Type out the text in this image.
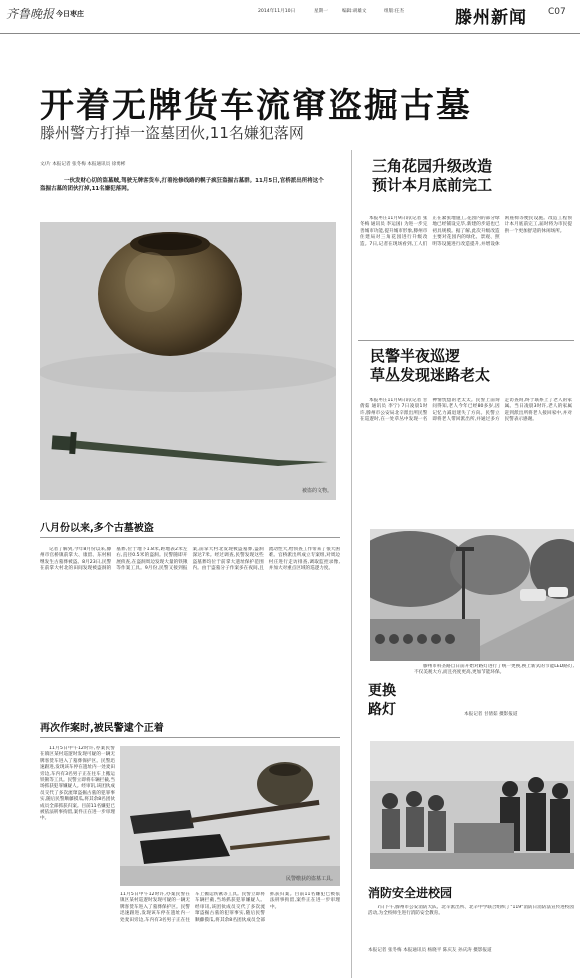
齐鲁晚报 今日枣庄	2014年11月10日	星期一	编辑:胡雄文	组版:任杰	滕州新闻 C07
开着无牌货车流窜盗掘古墓
滕州警方打掉一盗墓团伙,11名嫌犯落网
文/片 本报记者 张冬梅 本报通讯员 徐勇彬
一伙发财心切的盗墓贼,驾驶无牌客货车,打着抢修线路的幌子疯狂盗掘古墓群。11月5日,官桥派出所将这个盗掘古墓的团伙打掉,11名嫌犯落网。
被盗的文物。
八月份以来,多个古墓被盗
记者了解到,今年8月份以来,滕州市官桥镇前掌大、康留、东村相继发生古墓葬被盗。8月23日,民警在前掌大村北的田间发现被盗洞的墓葬,位于地下1.8米,距地表2米左右,直径0.5米的盗洞。民警随即开展侦查,在盗洞周边发现大量的铁锹等作案工具。9月份,民警又接到报案,前掌大村北发现被盗墓葬,盗洞深达7米。经过调查,民警发现这些盗墓葬均位于前掌大遗址保护范围内。由于盗墓分子作案多在夜间,且流动性大,给侦查工作带来了很大困难。官桥派出所成立专案组,对周边村庄进行走访排查,调取监控录像,并加大对重点区域的巡逻力度。
再次作案时,被民警逮个正着
11月5日中午12时许,办案民警在镇区某村巡逻时发现可疑的一辆无牌客货车进入了墓葬保护区。民警迅速跟进,发现该车停在遗址内一处麦田旁边,车内有3名男子正在往车上搬运铁锹等工具。民警立即将车辆拦截,当场抓获犯罪嫌疑人。经审讯,该团伙成员交代了多次流窜盗掘古墓的犯罪事实,随后民警顺藤摸瓜,将其余8名团伙成员全部抓获归案。目前11名嫌犯已被依法刑事拘留,案件正在进一步审理中。
民警缴获的盗墓工具。
11月5日中午12时许,办案民警在镇区某村巡逻时发现可疑的一辆无牌客货车进入了墓葬保护区。民警迅速跟进,发现该车停在遗址内一处麦田旁边,车内有3名男子正在往车上搬运铁锹等工具。民警立即将车辆拦截,当场抓获犯罪嫌疑人。经审讯,该团伙成员交代了多次流窜盗掘古墓的犯罪事实,随后民警顺藤摸瓜,将其余8名团伙成员全部抓获归案。目前11名嫌犯已被依法刑事拘留,案件正在进一步审理中。
三角花园升级改造
预计本月底前完工
本报枣庄11月9日讯(记者 张冬梅 通讯员 李运国) 为进一步完善城市功能,提升城市形象,滕州市住建局对三角花园进行升级改造。7日,记者在现场看到,工人们正在紧张地施工,花园内的部分绿地已经铺设完毕,新建的步道也已初具规模。据了解,此次升级改造主要对花园内的绿化、景观、照明等设施进行改造提升,并增设休闲座椅等便民设施。改造工程预计本月底前完工,届时将为市民提供一个更加舒适的休闲场所。
民警半夜巡逻
草丛发现迷路老太
本报枣庄11月9日讯(记者 甘倩茹 通讯员 李宁) 7日凌晨1时许,滕州市公安局北辛派出所民警在巡逻时,在一处草丛中发现一名神情恍惚的老太太。民警上前询问得知,老人今年已经80多岁,因记忆力减退迷失了方向。民警立即将老人带回派出所,并通过多方走访查询,终于联系上了老人的家属。当日凌晨3时许,老人的家属赶到派出所将老人接回家中,并对民警表示感谢。
更换
路灯
滕州市科圣路自日前开始对路灯进行了统一更换,换上新式的节能LED路灯,不仅美观大方,而且亮度更高,更加节能环保。
本报记者 甘倩茹 摄影报道
消防安全进校园
7日下午,滕州市公安消防大队、北辛派出所、北辛中学联合组织了"119"消防日消防法宣传进校园活动,为全校师生进行消防安全教育。
本报记者 张冬梅 本报通讯员 杨晓平 陈庆友 孙庆涛 摄影报道
